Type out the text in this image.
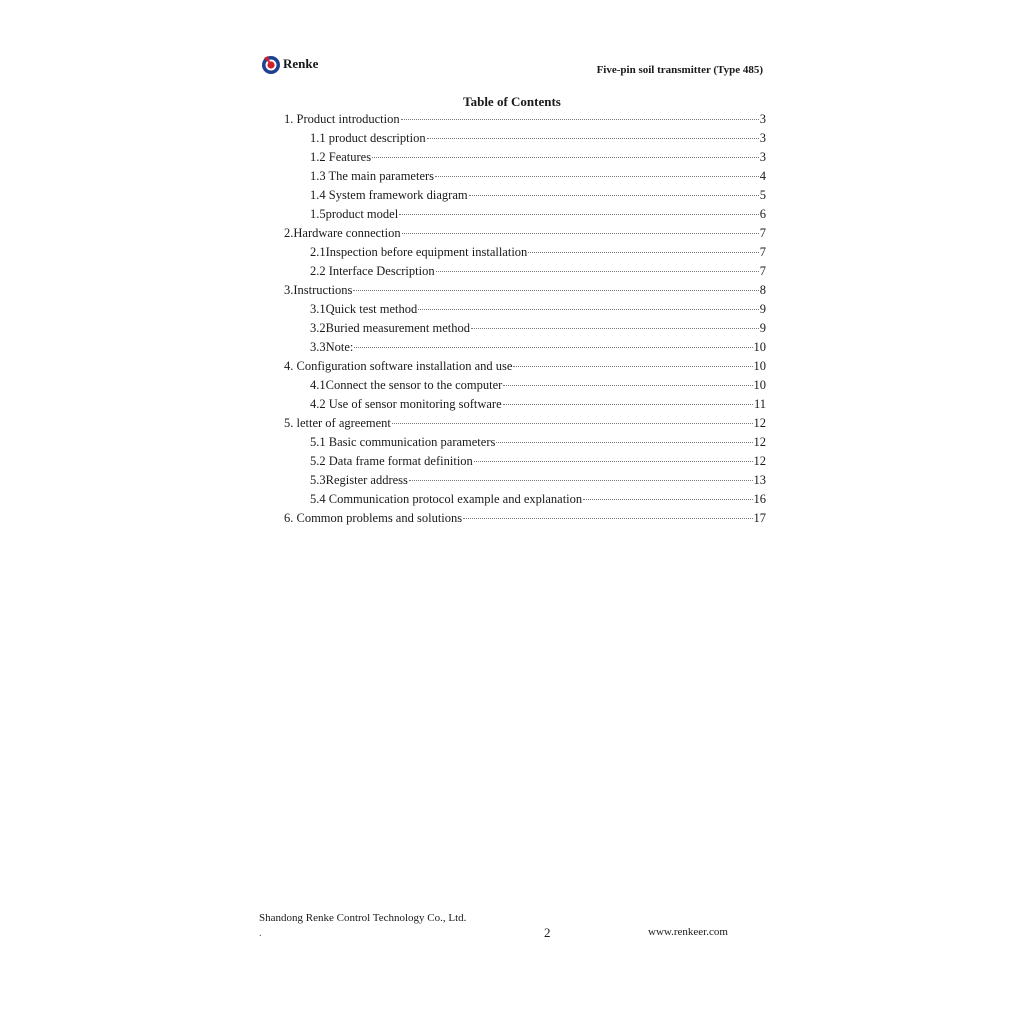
Renke	Five-pin soil transmitter (Type 485)
Table of Contents
1. Product introduction	3
1.1 product description	3
1.2 Features	3
1.3 The main parameters	4
1.4 System framework diagram	5
1.5product model	6
2.Hardware connection	7
2.1Inspection before equipment installation	7
2.2 Interface Description	7
3.Instructions	8
3.1Quick test method	9
3.2Buried measurement method	9
3.3Note:	10
4. Configuration software installation and use	10
4.1Connect the sensor to the computer	10
4.2 Use of sensor monitoring software	11
5. letter of agreement	12
5.1 Basic communication parameters	12
5.2 Data frame format definition	12
5.3Register address	13
5.4 Communication protocol example and explanation	16
6. Common problems and solutions	17
Shandong Renke Control Technology Co., Ltd.
.	2	www.renkeer.com
